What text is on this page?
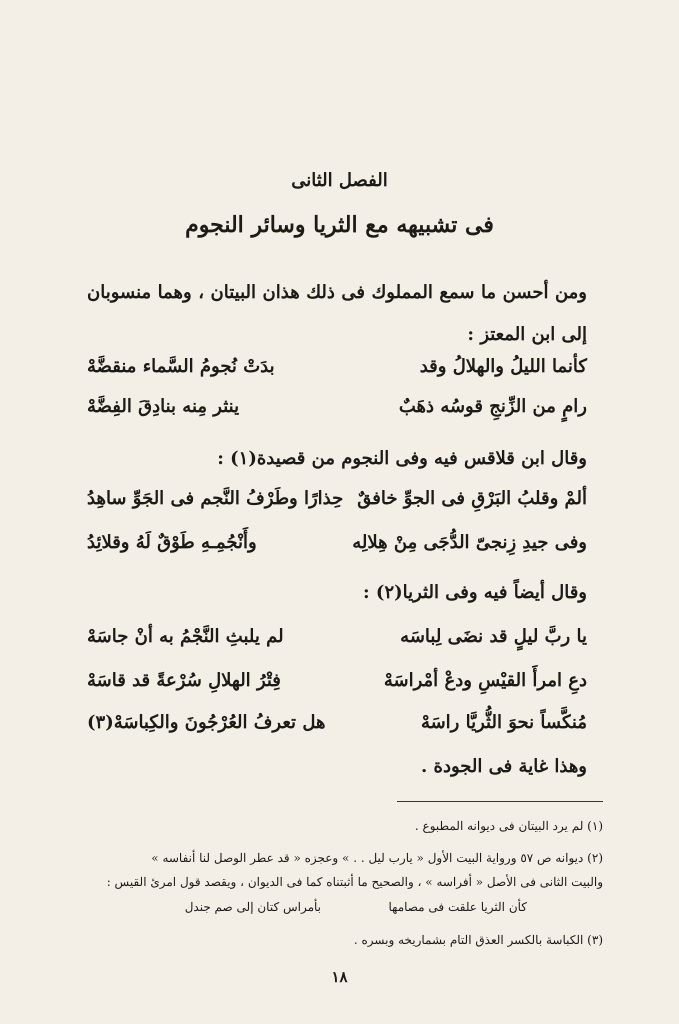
الفصل الثانى
فى تشبيهه مع الثريا وسائر النجوم
ومن أحسن ما سمع المملوك فى ذلك هذان البيتان ، وهما منسوبان إلى ابن المعتز :
كأنما الليلُ والهلالُ وقد
بدَتْ نُجومُ السَّماء منقضَّهْ
رامٍ من الزِّنجِ قوسُه ذهَبٌ
ينثر مِنه بنادِقَ الفِضَّهْ
وقال ابن قلاقس فيه وفى النجوم من قصيدة(١) :
ألمْ وقلبُ البَرْقِ فى الجوِّ خافقٌ
حِذارًا وطَرْفُ النَّجم فى الجَوِّ ساهِدُ
وفى جيدِ زِنجىّ الدُّجَى مِنْ هِلالِه
وأَنْجُمِـهِ طَوْقٌ لَهُ وقلائِدُ
وقال أيضاً فيه وفى الثريا(٢) :
يا ربَّ ليلٍ قد نضَى لِباسَه
لم يلبثِ النَّجْمُ به أنْ جاسَهْ
دعِ امرأَ القيْسِ ودعْ أمْراسَهْ
فِتْرُ الهلالِ سُرْعةً قد قاسَهْ
مُنكَّساً نحوَ الثُّريَّا راسَهْ
هل تعرفُ العُرْجُونَ والكِباسَهْ(٣)
وهذا غاية فى الجودة .
(١) لم يرد البيتان فى ديوانه المطبوع .
(٢) ديوانه ص ٥٧ ورواية البيت الأول « يارب ليل . . » وعجزه « قد عطر الوصل لنا أنفاسه »
والبيت الثانى فى الأصل « أفراسه » ، والصحيح ما أثبتناه كما فى الديوان ، ويقصد قول امرئ القيس :
كأن الثريا علقت فى مصامها
بأمراس كتان إلى صم جندل
(٣) الكباسة بالكسر العذق التام بشماريخه وبسره .
١٨
